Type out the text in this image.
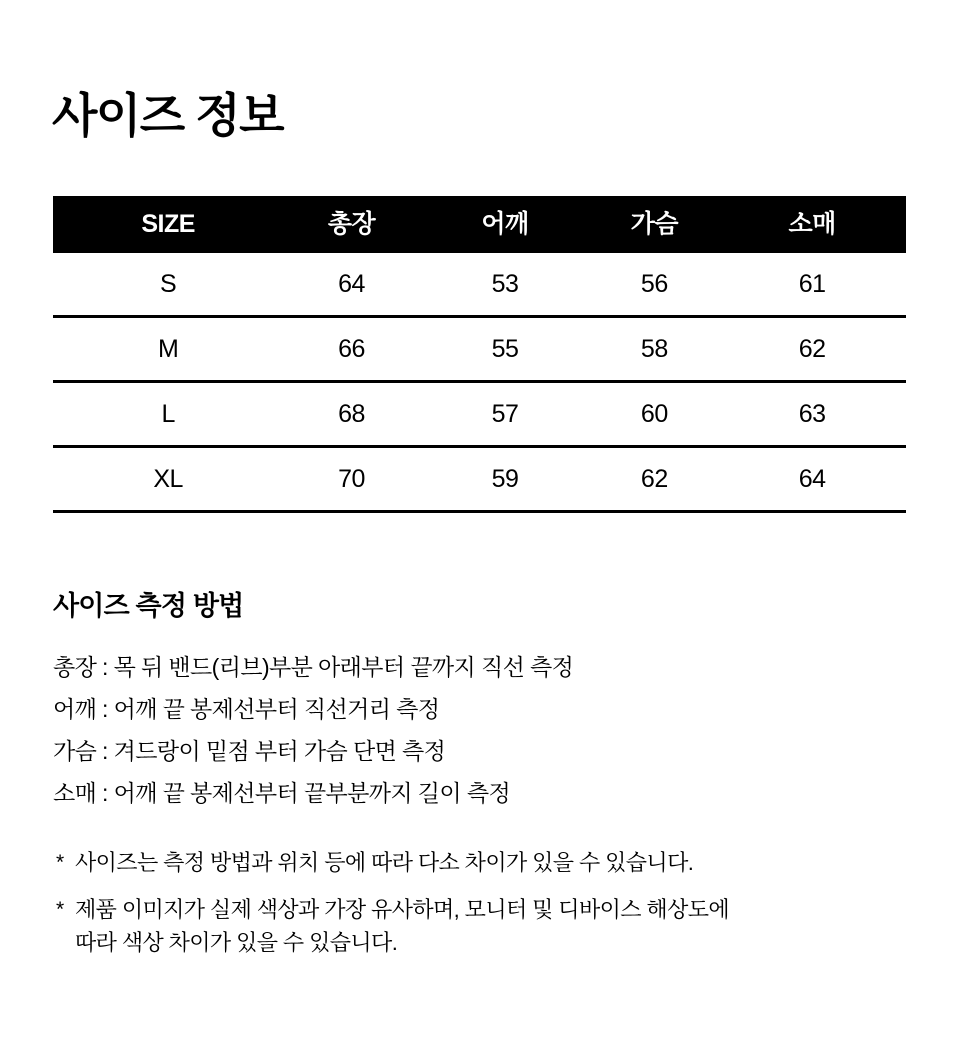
사이즈 정보
SIZE	총장	어깨	가슴	소매
S	64	53	56	61
M	66	55	58	62
L	68	57	60	63
XL	70	59	62	64
사이즈 측정 방법

총장 : 목 뒤 밴드(리브)부분 아래부터 끝까지 직선 측정

어깨 : 어깨 끝 봉제선부터 직선거리 측정

가슴 : 겨드랑이 밑점 부터 가슴 단면 측정

소매 : 어깨 끝 봉제선부터 끝부분까지 길이 측정

* 사이즈는 측정 방법과 위치 등에 따라 다소 차이가 있을 수 있습니다.
* 제품 이미지가 실제 색상과 가장 유사하며, 모니터 및 디바이스 해상도에 따라 색상 차이가 있을 수 있습니다.
